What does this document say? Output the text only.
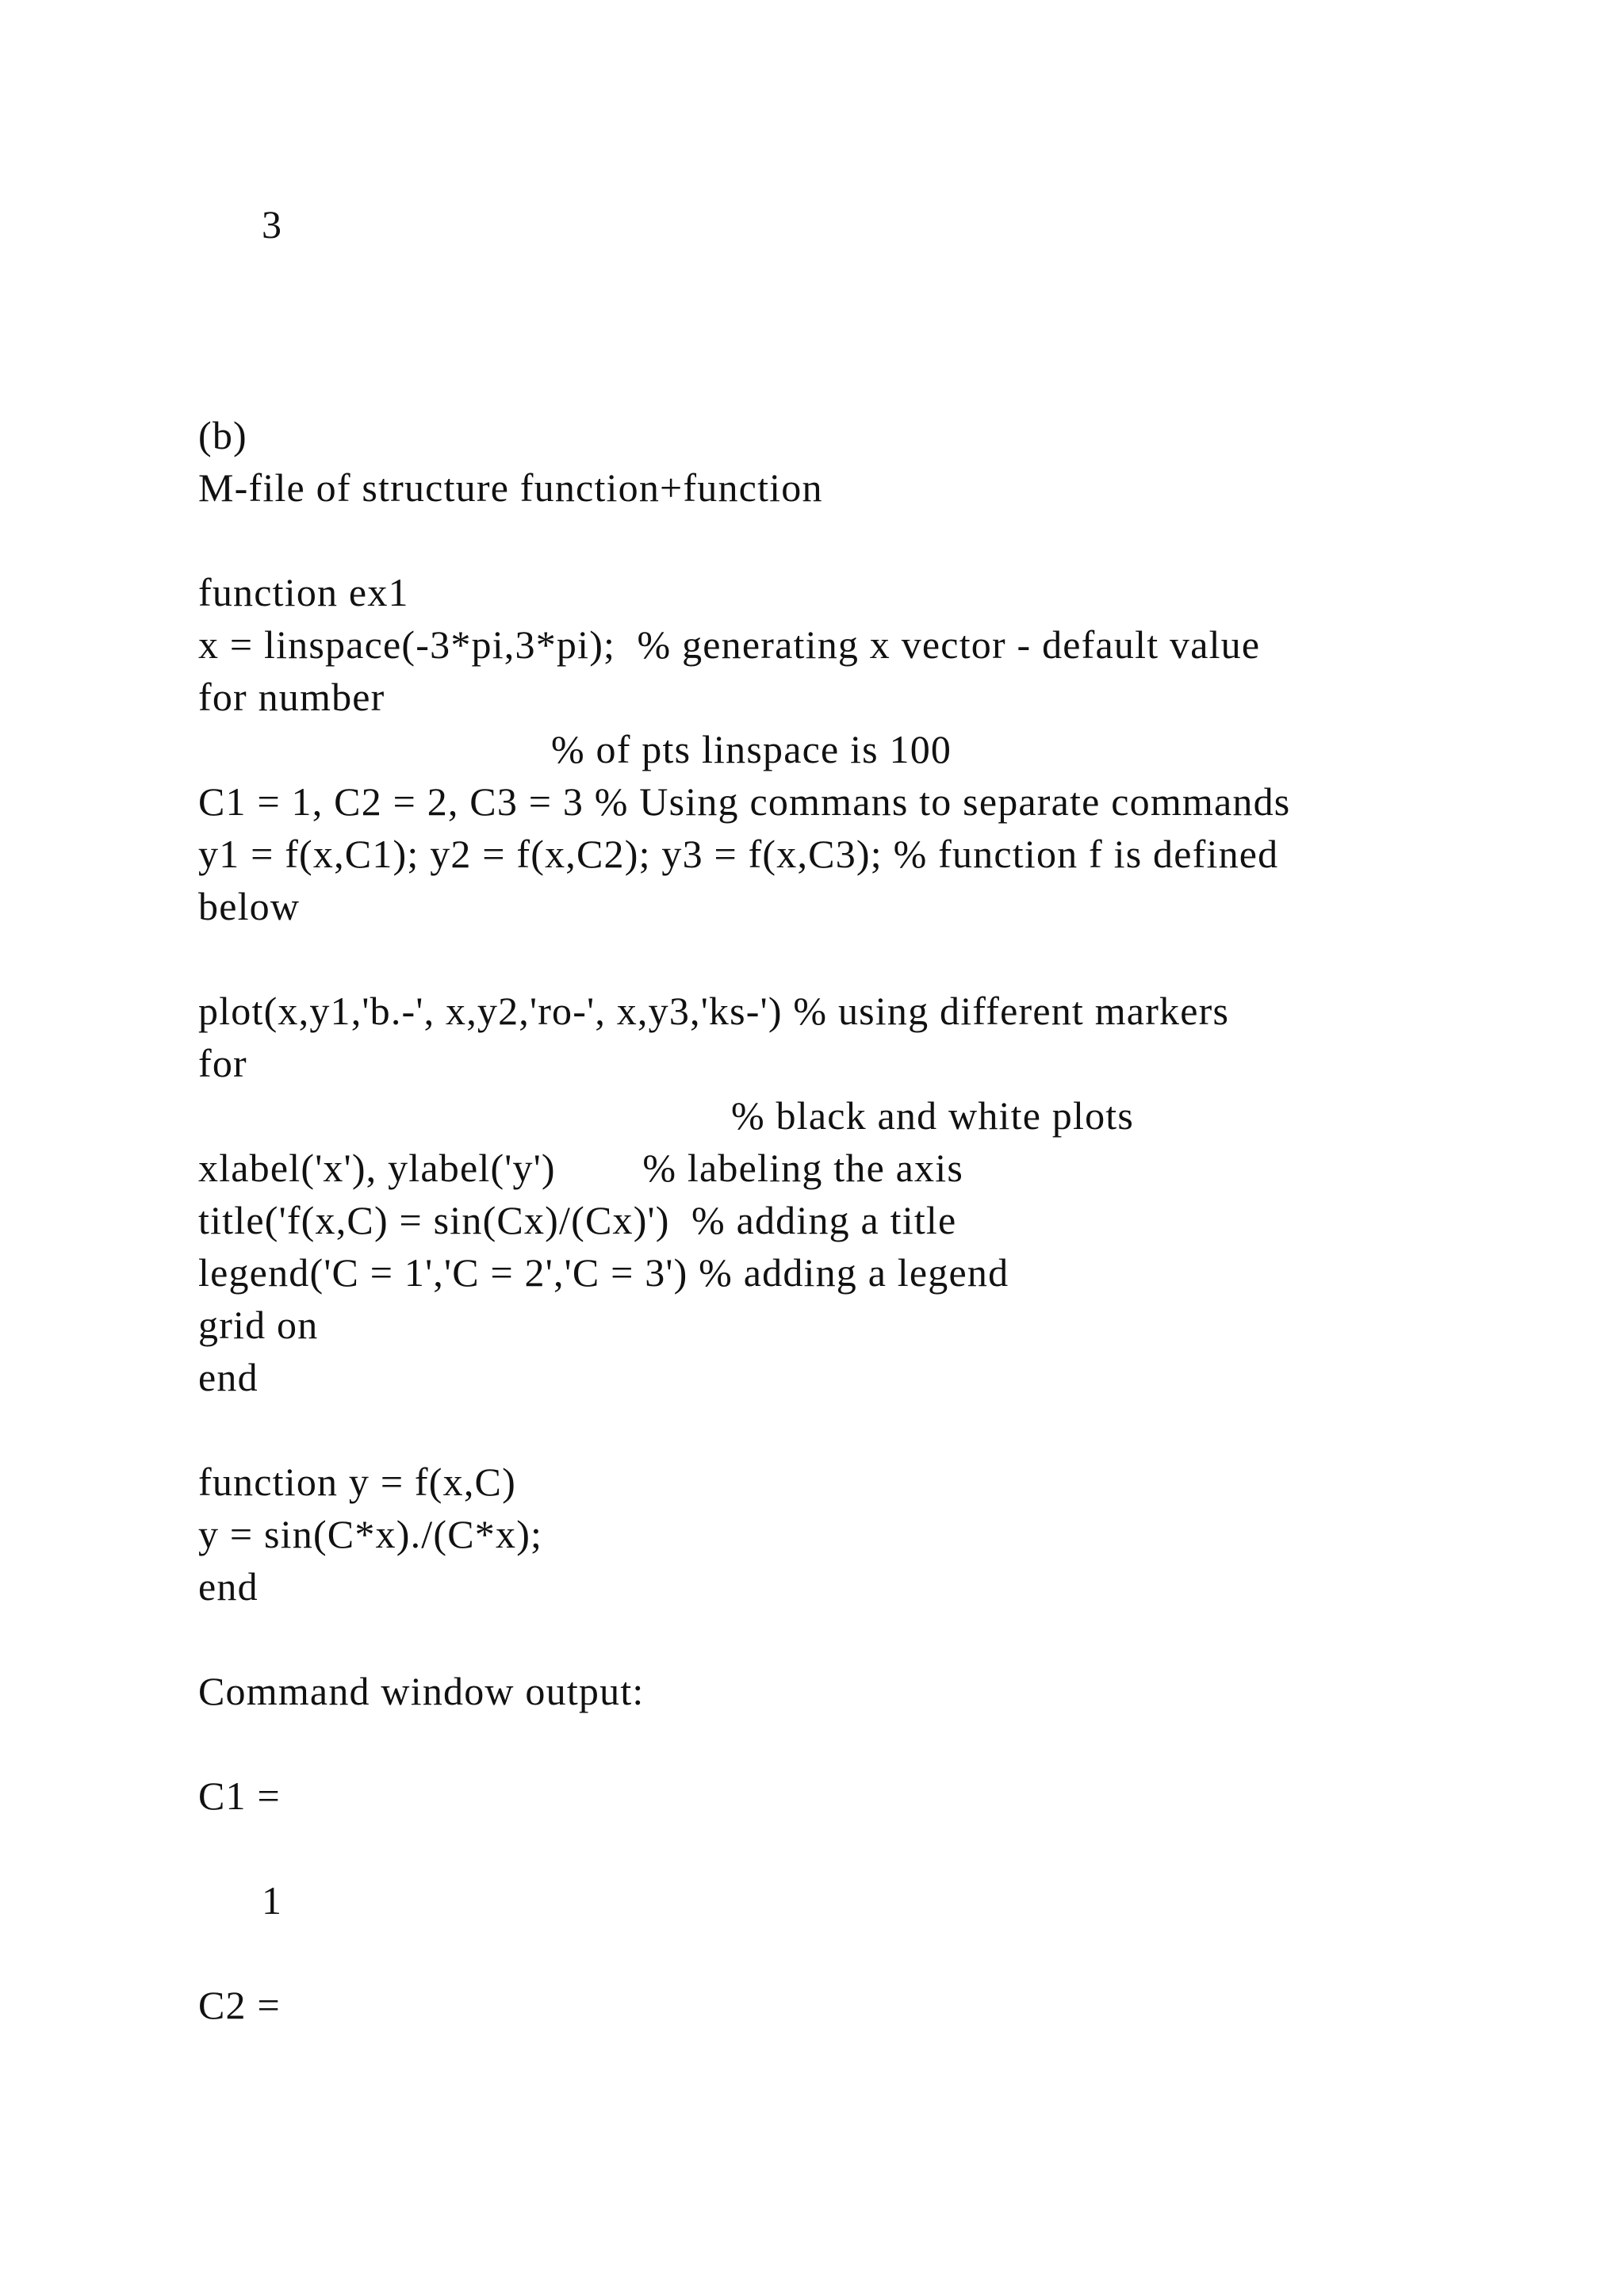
3
(b)
M-file of structure function+function
function ex1
x = linspace(-3*pi,3*pi);  % generating x vector - default value
for number
% of pts linspace is 100
C1 = 1, C2 = 2, C3 = 3 % Using commans to separate commands
y1 = f(x,C1); y2 = f(x,C2); y3 = f(x,C3); % function f is defined
below
plot(x,y1,'b.-', x,y2,'ro-', x,y3,'ks-') % using different markers
for
% black and white plots
xlabel('x'), ylabel('y')        % labeling the axis
title('f(x,C) = sin(Cx)/(Cx)')  % adding a title
legend('C = 1','C = 2','C = 3') % adding a legend
grid on
end
function y = f(x,C)
y = sin(C*x)./(C*x);
end
Command window output:
C1 =
1
C2 =
